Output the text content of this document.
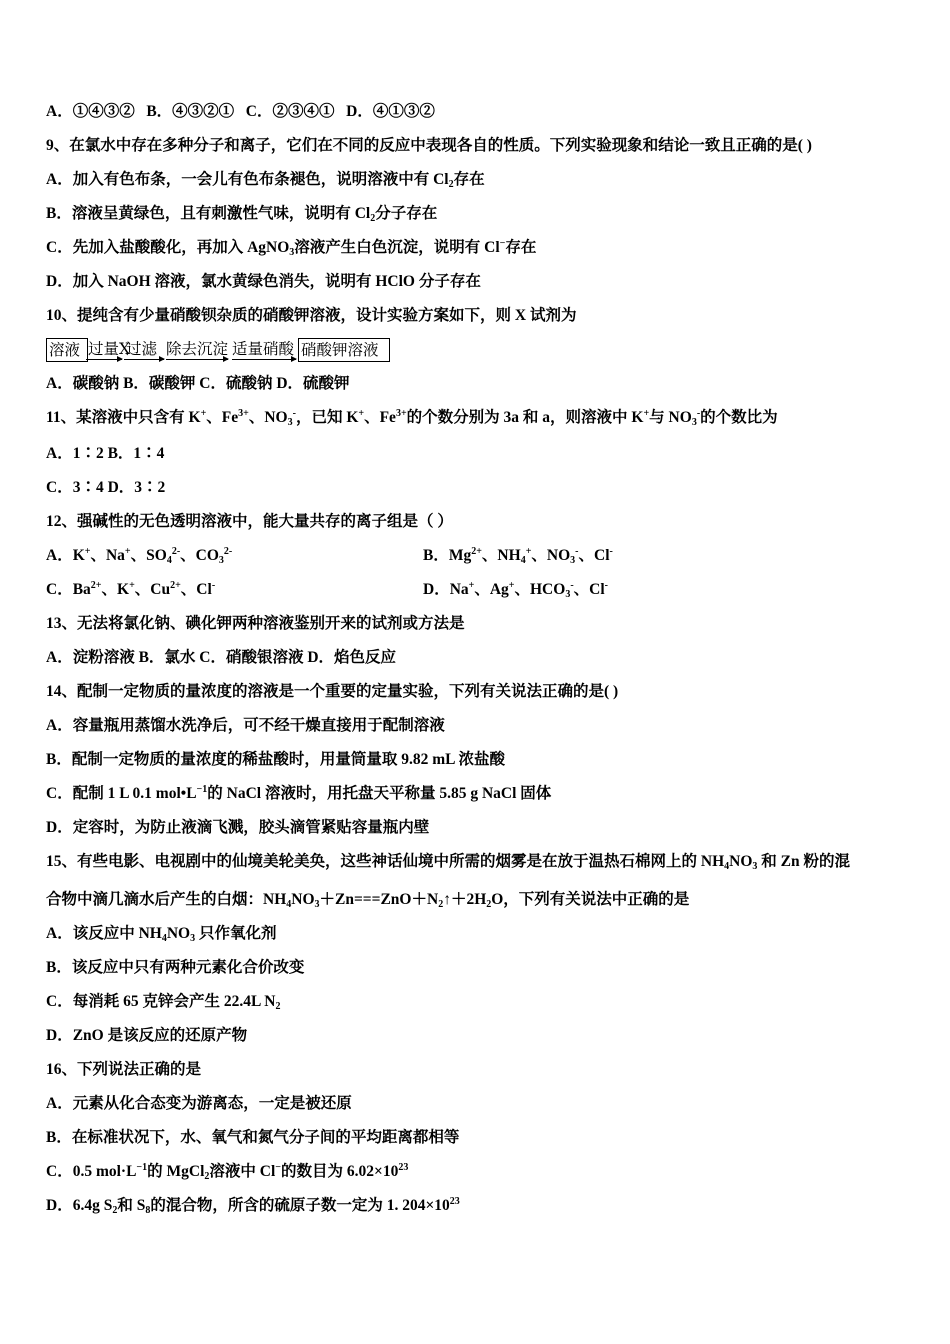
A．①④③② B．④③②① C．②③④① D．④①③②
9、在氯水中存在多种分子和离子，它们在不同的反应中表现各自的性质。下列实验现象和结论一致且正确的是( )
A．加入有色布条，一会儿有色布条褪色，说明溶液中有 $Cl_2$存在
B．溶液呈黄绿色，且有刺激性气味，说明有 $Cl_2$分子存在
C．先加入盐酸酸化，再加入 AgNO$_3$溶液产生白色沉淀，说明有 Cl−存在
D．加入 NaOH 溶液，氯水黄绿色消失，说明有 HClO 分子存在
10、提纯含有少量硝酸钡杂质的硝酸钾溶液，设计实验方案如下，则 X 试剂为
溶液 过量X
过滤 除去沉淀 适量硝酸 硝酸钾溶液
A．碳酸钠 B．碳酸钾 C．硫酸钠 D．硫酸钾
11、某溶液中只含有 K+、$Fe^{3+}$、$NO_3^-$，已知 K+、$Fe^{3+}$的个数分别为 3a 和 a，则溶液中 K+与 $NO_3^-$的个数比为
A．1∶2 B．1∶4
C．3∶4 D．3∶2
12、强碱性的无色透明溶液中，能大量共存的离子组是（ ）
A．K+、Na+、$SO_4^{2-}$、$CO_3^{2-}$	B．$Mg^{2+}$、$NH_4^+$、$NO_3^-$、Cl-
C．$Ba^{2+}$、K+、$Cu^{2+}$、Cl-	D．Na+、Ag+、$HCO_3^-$、Cl-
13、无法将氯化钠、碘化钾两种溶液鉴别开来的试剂或方法是
A．淀粉溶液 B．氯水 C．硝酸银溶液 D．焰色反应
14、配制一定物质的量浓度的溶液是一个重要的定量实验，下列有关说法正确的是( )
A．容量瓶用蒸馏水洗净后，可不经干燥直接用于配制溶液
B．配制一定物质的量浓度的稀盐酸时，用量筒量取 9.82 mL 浓盐酸
C．配制 1 L 0.1 $mol•L^{-1}$的 NaCl 溶液时，用托盘天平称量 5.85 g NaCl 固体
D．定容时，为防止液滴飞溅，胶头滴管紧贴容量瓶内壁
15、有些电影、电视剧中的仙境美轮美奂，这些神话仙境中所需的烟雾是在放于温热石棉网上的 $NH_4NO_3$ 和 Zn 粉的混
合物中滴几滴水后产生的白烟：$NH_4NO_3+Zn===ZnO+N_2↑+2H_2O$，下列有关说法中正确的是
A．该反应中 $NH_4NO_3$ 只作氧化剂
B．该反应中只有两种元素化合价改变
C．每消耗 65 克锌会产生 22.4L $N_2$
D．ZnO 是该反应的还原产物
16、下列说法正确的是
A．元素从化合态变为游离态，一定是被还原
B．在标准状况下，水、氧气和氮气分子间的平均距离都相等
C．0.5 $mol\cdot L^{-1}$的 MgCl$_2$溶液中 Cl−的数目为 $6.02\times 10^{23}$
D．6.4g $S_2$和 $S_8$的混合物，所含的硫原子数一定为 1. $204\times 10^{23}$
